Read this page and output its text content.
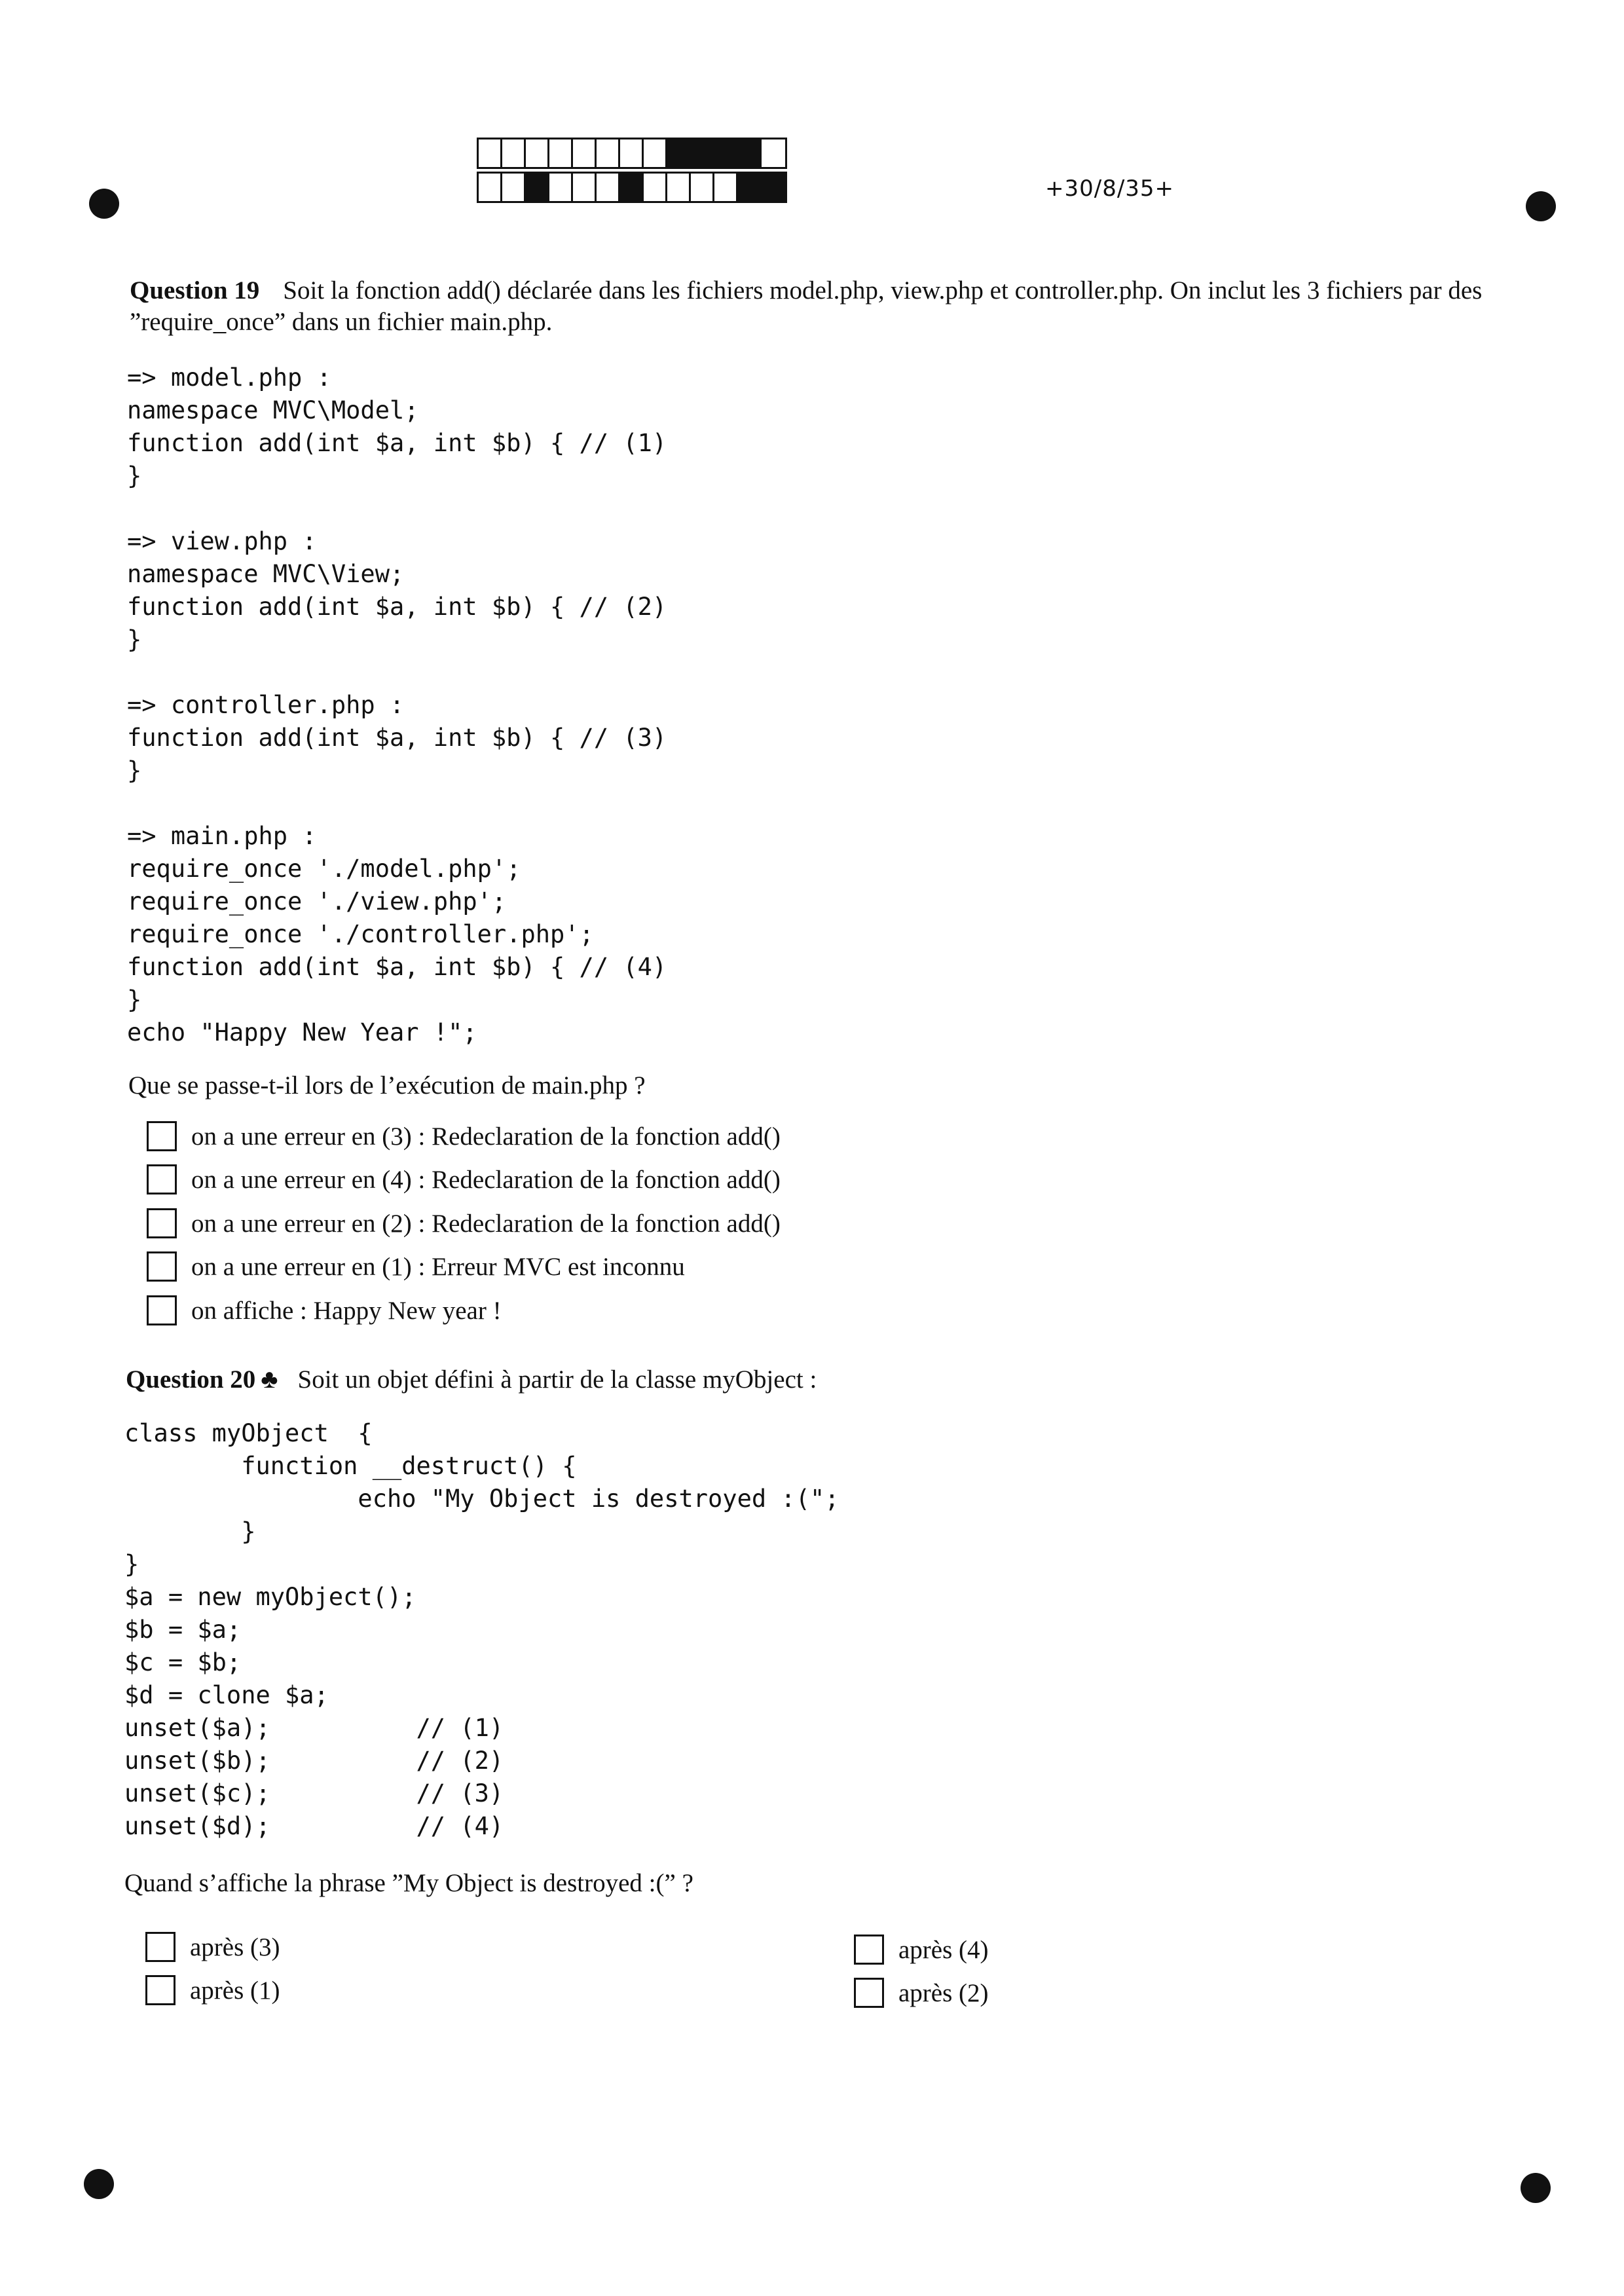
+30/8/35+
Question 19 Soit la fonction add() déclarée dans les fichiers model.php, view.php et controller.php. On inclut les 3 fichiers par des ”require_once” dans un fichier main.php.
=> model.php :
namespace MVC\Model;
function add(int $a, int $b) { // (1)
}

=> view.php :
namespace MVC\View;
function add(int $a, int $b) { // (2)
}

=> controller.php :
function add(int $a, int $b) { // (3)
}

=> main.php :
require_once './model.php';
require_once './view.php';
require_once './controller.php';
function add(int $a, int $b) { // (4)
}
echo "Happy New Year !";
Que se passe-t-il lors de l’exécution de main.php ?
on a une erreur en (3) : Redeclaration de la fonction add()
on a une erreur en (4) : Redeclaration de la fonction add()
on a une erreur en (2) : Redeclaration de la fonction add()
on a une erreur en (1) : Erreur MVC est inconnu
on affiche : Happy New year !
Question 20 ♣ Soit un objet défini à partir de la classe myObject :
class myObject  {
function __destruct() {
echo "My Object is destroyed :(";
}
}
$a = new myObject();
$b = $a;
$c = $b;
$d = clone $a;
unset($a);          // (1)
unset($b);          // (2)
unset($c);          // (3)
unset($d);          // (4)
Quand s’affiche la phrase ”My Object is destroyed :(” ?
après (3)
après (1)
après (4)
après (2)
